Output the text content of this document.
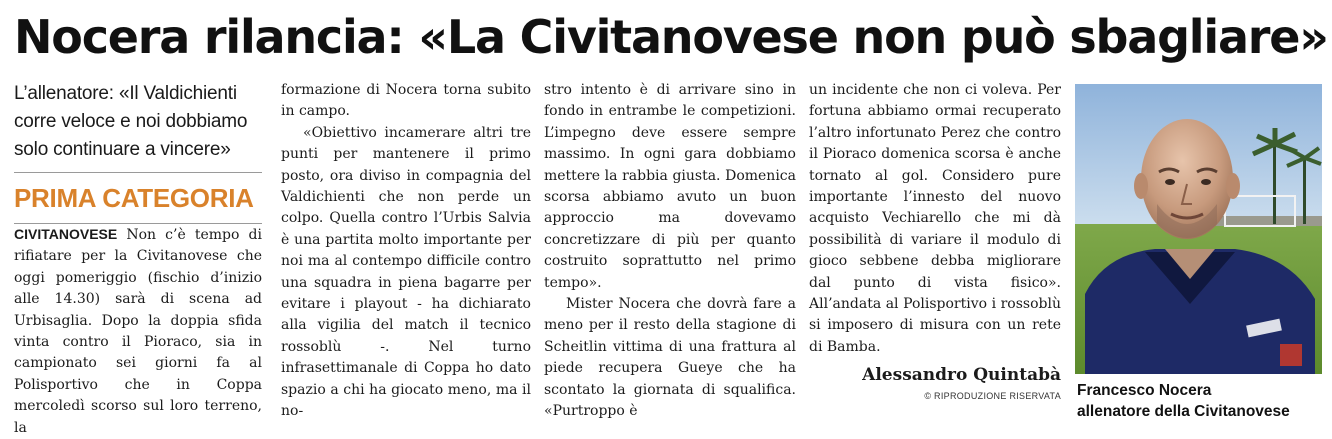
Nocera rilancia: «La Civitanovese non può sbagliare»
L’allenatore: «Il Valdichienti corre veloce e noi dobbiamo solo continuare a vincere»
PRIMA CATEGORIA

CIVITANOVESE Non c’è tempo di rifiatare per la Civitanovese che oggi pomeriggio (fischio d’inizio alle 14.30) sarà di scena ad Urbisaglia. Dopo la doppia sfida vinta contro il Pioraco, sia in campionato sei giorni fa al Polisportivo che in Coppa mercoledì scorso sul loro terreno, la

formazione di Nocera torna subito in campo.

«Obiettivo incamerare altri tre punti per mantenere il primo posto, ora diviso in compagnia del Valdichienti che non perde un colpo. Quella contro l’Urbis Salvia è una partita molto importante per noi ma al contempo difficile contro una squadra in piena bagarre per evitare i playout - ha dichiarato alla vigilia del match il tecnico rossoblù -. Nel turno infrasettimanale di Coppa ho dato spazio a chi ha giocato meno, ma il no-

stro intento è di arrivare sino in fondo in entrambe le competizioni. L’impegno deve essere sempre massimo. In ogni gara dobbiamo mettere la rabbia giusta. Domenica scorsa abbiamo avuto un buon approccio ma dovevamo concretizzare di più per quanto costruito soprattutto nel primo tempo».

Mister Nocera che dovrà fare a meno per il resto della stagione di Scheitlin vittima di una frattura al piede recupera Gueye che ha scontato la giornata di squalifica. «Purtroppo è

un incidente che non ci voleva. Per fortuna abbiamo ormai recuperato l’altro infortunato Perez che contro il Pioraco domenica scorsa è anche tornato al gol. Considero pure importante l’innesto del nuovo acquisto Vechiarello che mi dà possibilità di variare il modulo di gioco sebbene debba migliorare dal punto di vista fisico». All’andata al Polisportivo i rossoblù si imposero di misura con un rete di Bamba.

Alessandro Quintabà
© RIPRODUZIONE RISERVATA Francesco Nocera
allenatore della Civitanovese
